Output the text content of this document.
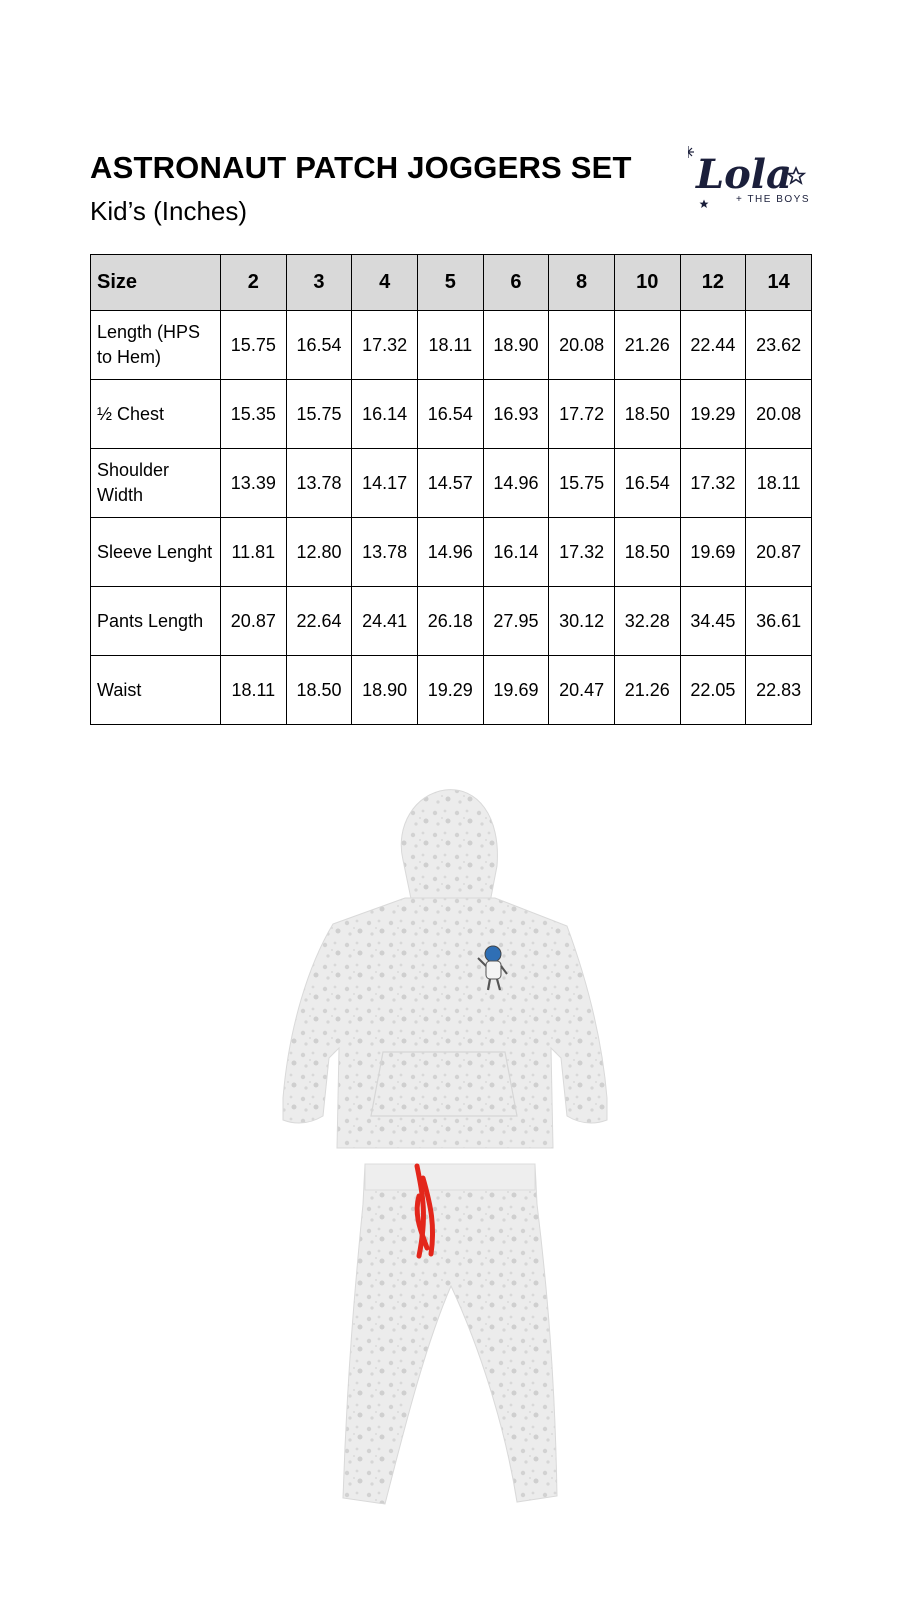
ASTRONAUT PATCH JOGGERS SET
Kid’s (Inches)
Lola
+ THE BOYS
Size	2	3	4	5	6	8	10	12	14
Length (HPS to Hem)	15.75	16.54	17.32	18.11	18.90	20.08	21.26	22.44	23.62
½ Chest	15.35	15.75	16.14	16.54	16.93	17.72	18.50	19.29	20.08
Shoulder Width	13.39	13.78	14.17	14.57	14.96	15.75	16.54	17.32	18.11
Sleeve Lenght	11.81	12.80	13.78	14.96	16.14	17.32	18.50	19.69	20.87
Pants Length	20.87	22.64	24.41	26.18	27.95	30.12	32.28	34.45	36.61
Waist	18.11	18.50	18.90	19.29	19.69	20.47	21.26	22.05	22.83
